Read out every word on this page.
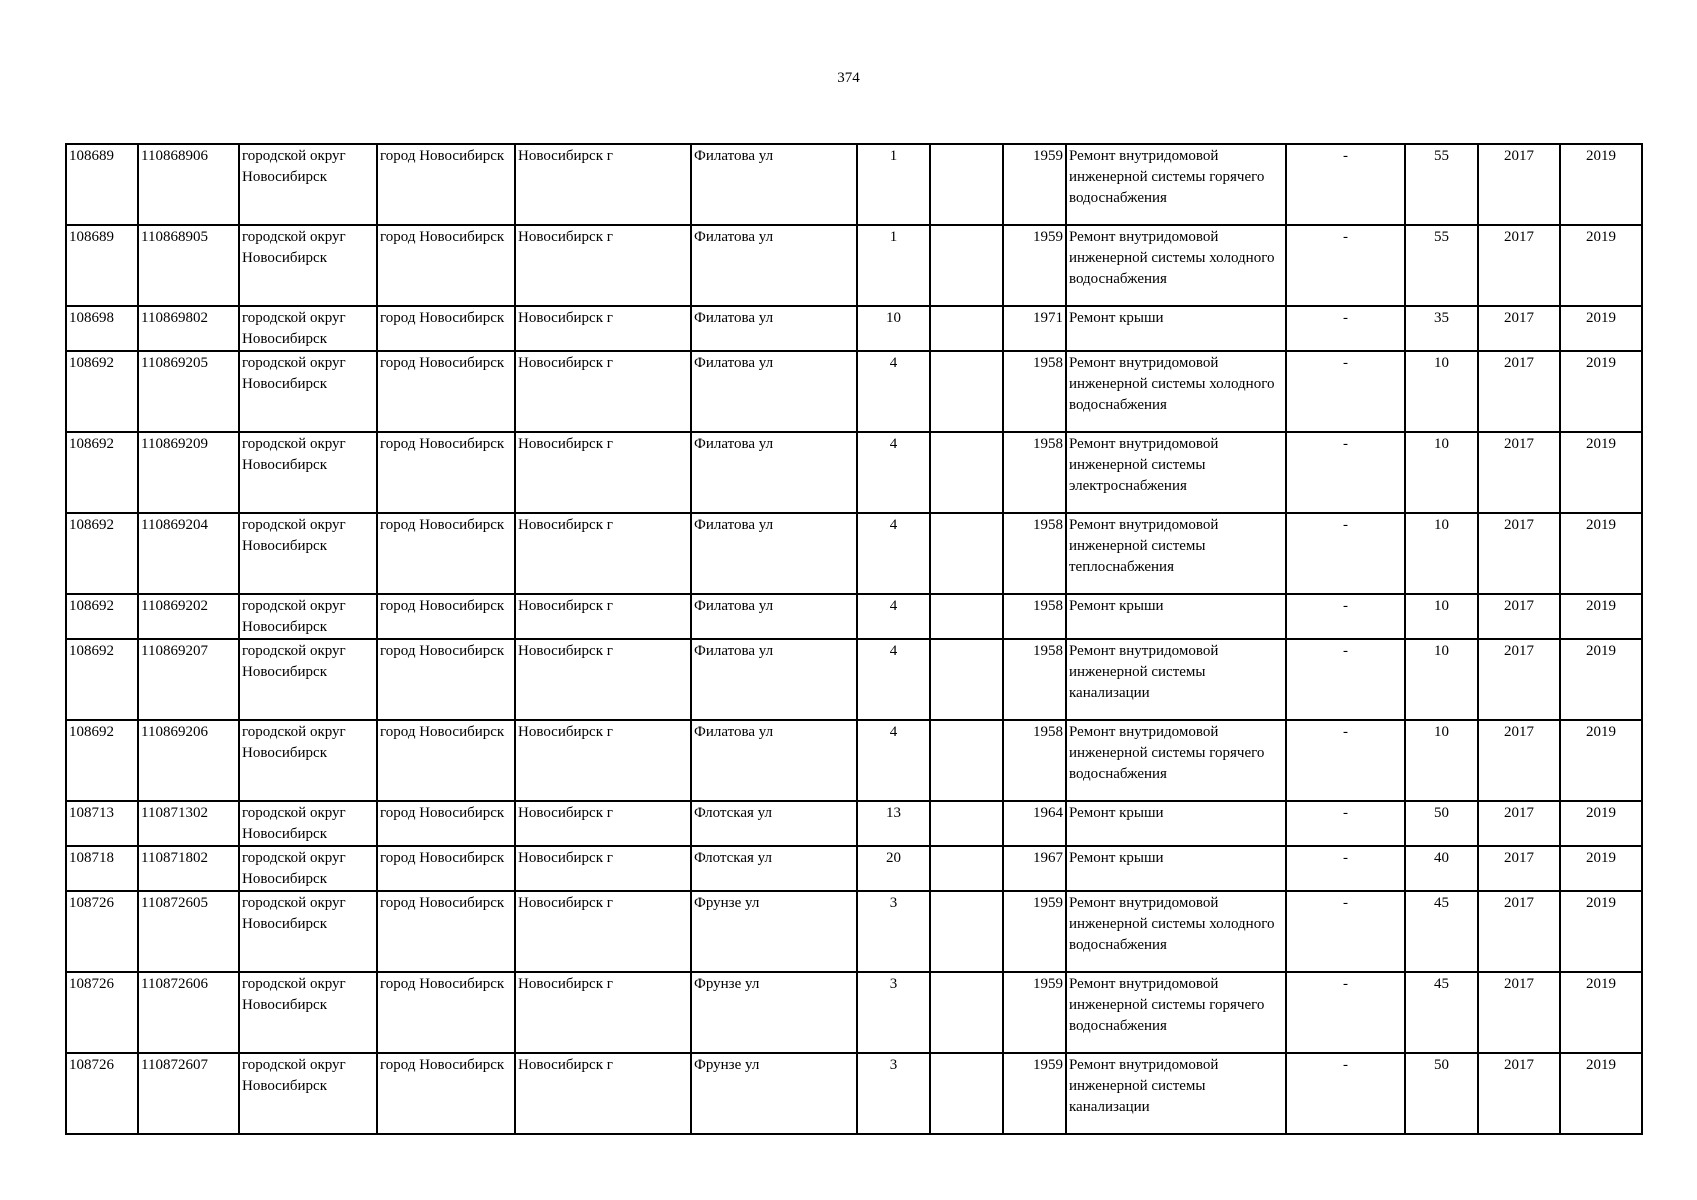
374
108689	110868906	городской округ Новосибирск	город Новосибирск	Новосибирск г	Филатова ул	1		1959	Ремонт внутридомовой инженерной системы горячего водоснабжения	-	55	2017	2019
108689	110868905	городской округ Новосибирск	город Новосибирск	Новосибирск г	Филатова ул	1		1959	Ремонт внутридомовой инженерной системы холодного водоснабжения	-	55	2017	2019
108698	110869802	городской округ Новосибирск	город Новосибирск	Новосибирск г	Филатова ул	10		1971	Ремонт крыши	-	35	2017	2019
108692	110869205	городской округ Новосибирск	город Новосибирск	Новосибирск г	Филатова ул	4		1958	Ремонт внутридомовой инженерной системы холодного водоснабжения	-	10	2017	2019
108692	110869209	городской округ Новосибирск	город Новосибирск	Новосибирск г	Филатова ул	4		1958	Ремонт внутридомовой инженерной системы электроснабжения	-	10	2017	2019
108692	110869204	городской округ Новосибирск	город Новосибирск	Новосибирск г	Филатова ул	4		1958	Ремонт внутридомовой инженерной системы теплоснабжения	-	10	2017	2019
108692	110869202	городской округ Новосибирск	город Новосибирск	Новосибирск г	Филатова ул	4		1958	Ремонт крыши	-	10	2017	2019
108692	110869207	городской округ Новосибирск	город Новосибирск	Новосибирск г	Филатова ул	4		1958	Ремонт внутридомовой инженерной системы канализации	-	10	2017	2019
108692	110869206	городской округ Новосибирск	город Новосибирск	Новосибирск г	Филатова ул	4		1958	Ремонт внутридомовой инженерной системы горячего водоснабжения	-	10	2017	2019
108713	110871302	городской округ Новосибирск	город Новосибирск	Новосибирск г	Флотская ул	13		1964	Ремонт крыши	-	50	2017	2019
108718	110871802	городской округ Новосибирск	город Новосибирск	Новосибирск г	Флотская ул	20		1967	Ремонт крыши	-	40	2017	2019
108726	110872605	городской округ Новосибирск	город Новосибирск	Новосибирск г	Фрунзе ул	3		1959	Ремонт внутридомовой инженерной системы холодного водоснабжения	-	45	2017	2019
108726	110872606	городской округ Новосибирск	город Новосибирск	Новосибирск г	Фрунзе ул	3		1959	Ремонт внутридомовой инженерной системы горячего водоснабжения	-	45	2017	2019
108726	110872607	городской округ Новосибирск	город Новосибирск	Новосибирск г	Фрунзе ул	3		1959	Ремонт внутридомовой инженерной системы канализации	-	50	2017	2019
